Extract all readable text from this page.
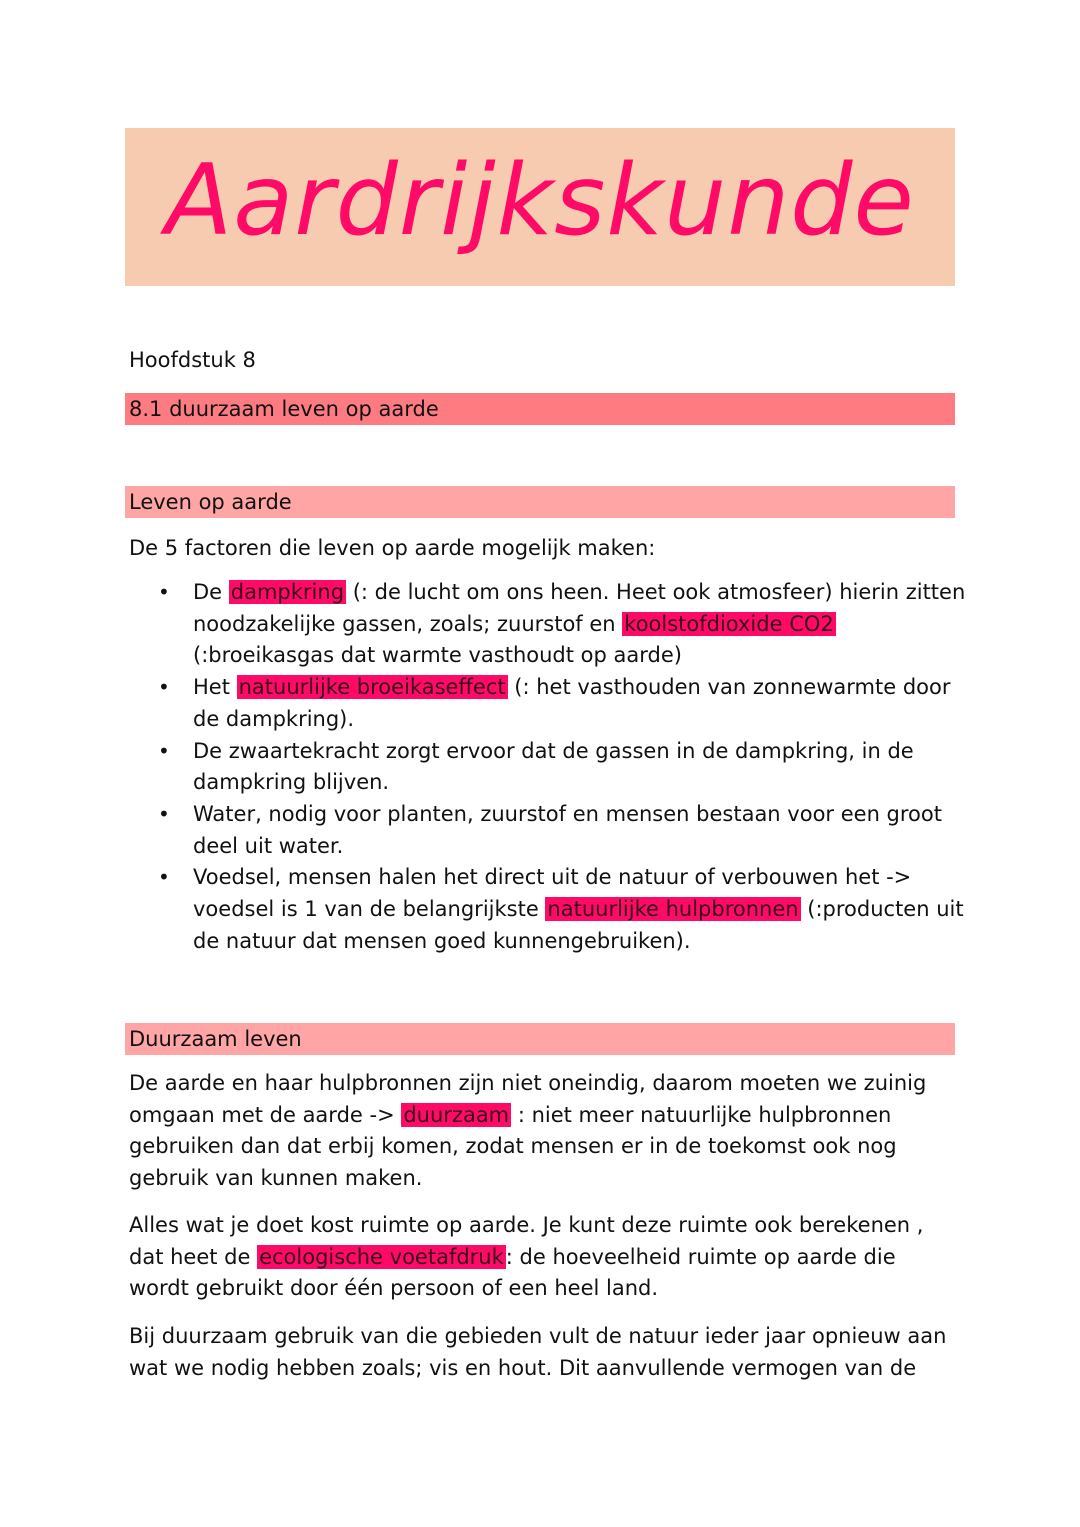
Aardrijkskunde
Hoofdstuk 8
8.1 duurzaam leven op aarde
Leven op aarde

De 5 factoren die leven op aarde mogelijk maken:

• De dampkring (: de lucht om ons heen. Heet ook atmosfeer) hierin zitten noodzakelijke gassen, zoals; zuurstof en koolstofdioxide CO2 (:broeikasgas dat warmte vasthoudt op aarde)
• Het natuurlijke broeikaseffect (: het vasthouden van zonnewarmte door de dampkring).
• De zwaartekracht zorgt ervoor dat de gassen in de dampkring, in de dampkring blijven.
• Water, nodig voor planten, zuurstof en mensen bestaan voor een groot deel uit water.
• Voedsel, mensen halen het direct uit de natuur of verbouwen het -> voedsel is 1 van de belangrijkste natuurlijke hulpbronnen (:producten uit de natuur dat mensen goed kunnengebruiken).
Duurzaam leven

De aarde en haar hulpbronnen zijn niet oneindig, daarom moeten we zuinig omgaan met de aarde -> duurzaam : niet meer natuurlijke hulpbronnen gebruiken dan dat erbij komen, zodat mensen er in de toekomst ook nog gebruik van kunnen maken.

Alles wat je doet kost ruimte op aarde. Je kunt deze ruimte ook berekenen , dat heet de ecologische voetafdruk: de hoeveelheid ruimte op aarde die wordt gebruikt door één persoon of een heel land.

Bij duurzaam gebruik van die gebieden vult de natuur ieder jaar opnieuw aan wat we nodig hebben zoals; vis en hout. Dit aanvullende vermogen van de
